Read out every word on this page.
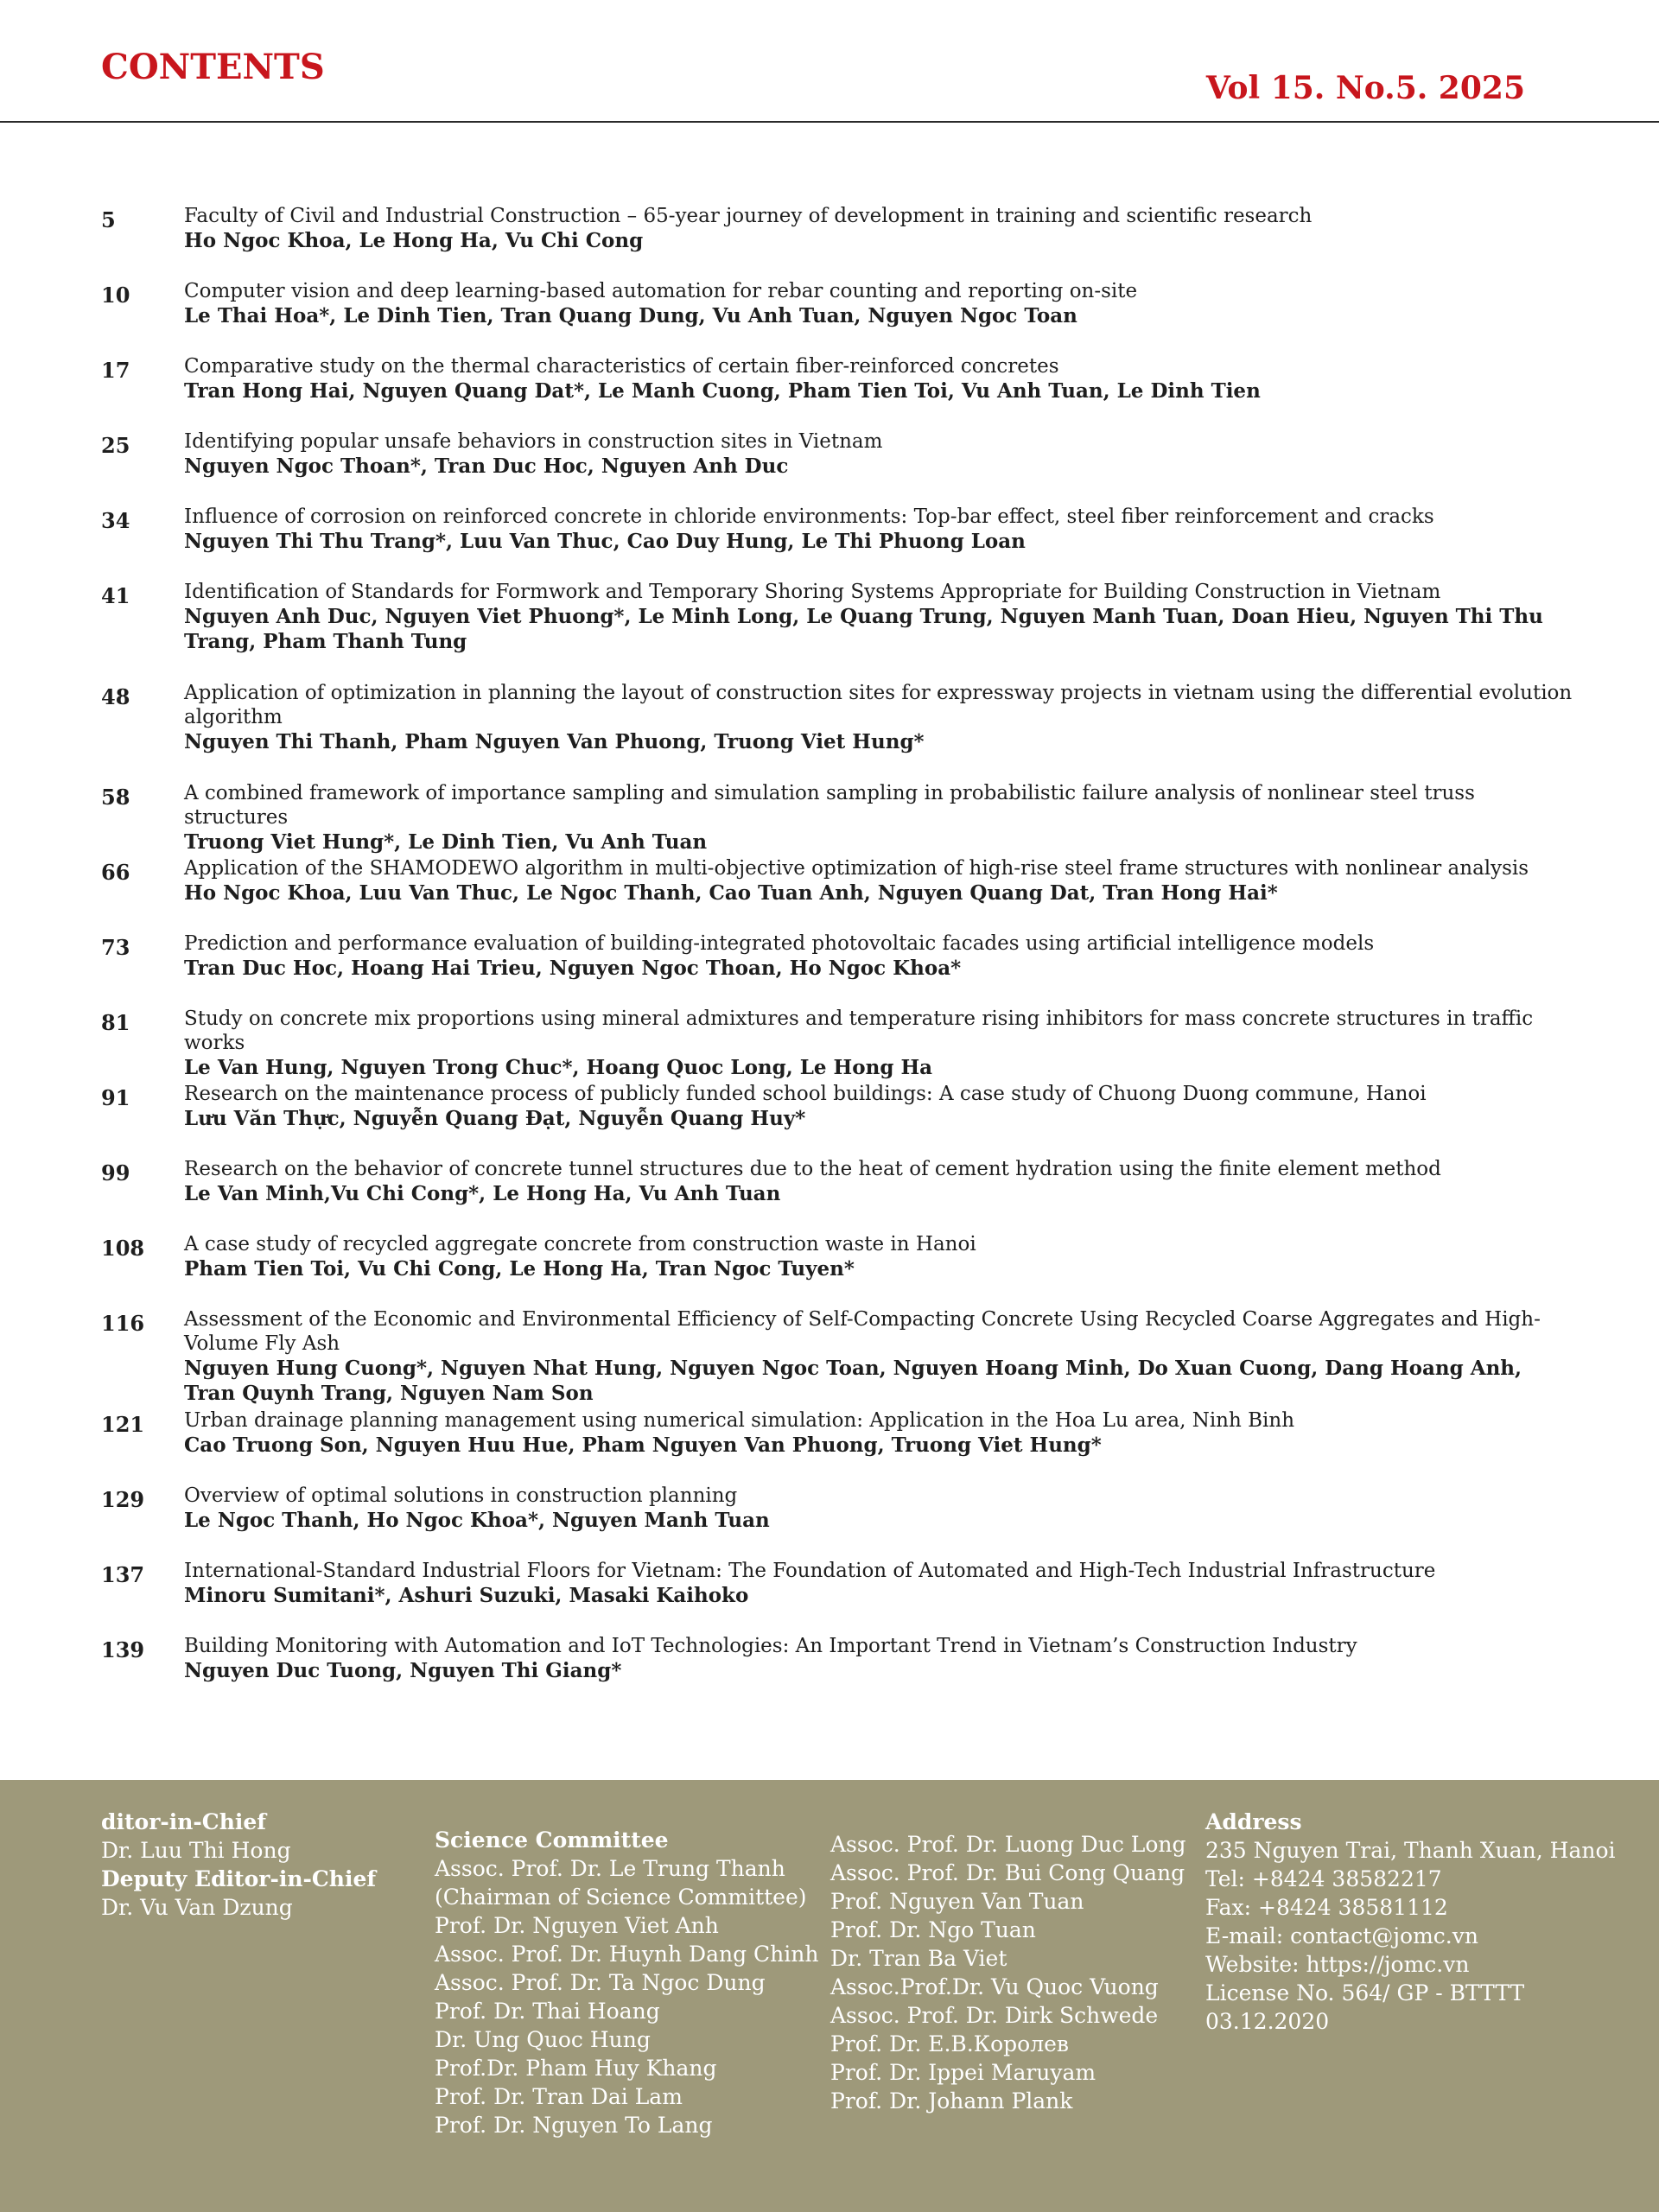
CONTENTS
Vol 15. No.5. 2025
5	Faculty of Civil and Industrial Construction – 65-year journey of development in training and scientific research
Ho Ngoc Khoa, Le Hong Ha, Vu Chi Cong
10	Computer vision and deep learning-based automation for rebar counting and reporting on-site
Le Thai Hoa*, Le Dinh Tien, Tran Quang Dung, Vu Anh Tuan, Nguyen Ngoc Toan
17	Comparative study on the thermal characteristics of certain fiber-reinforced concretes
Tran Hong Hai, Nguyen Quang Dat*, Le Manh Cuong, Pham Tien Toi, Vu Anh Tuan, Le Dinh Tien
25	Identifying popular unsafe behaviors in construction sites in Vietnam
Nguyen Ngoc Thoan*, Tran Duc Hoc, Nguyen Anh Duc
34	Influence of corrosion on reinforced concrete in chloride environments: Top-bar effect, steel fiber reinforcement and cracks
Nguyen Thi Thu Trang*, Luu Van Thuc, Cao Duy Hung, Le Thi Phuong Loan
41	Identification of Standards for Formwork and Temporary Shoring Systems Appropriate for Building Construction in Vietnam
Nguyen Anh Duc, Nguyen Viet Phuong*, Le Minh Long, Le Quang Trung, Nguyen Manh Tuan, Doan Hieu, Nguyen Thi Thu Trang, Pham Thanh Tung
48	Application of optimization in planning the layout of construction sites for expressway projects in vietnam using the differential evolution algorithm
Nguyen Thi Thanh, Pham Nguyen Van Phuong, Truong Viet Hung*
58	A combined framework of importance sampling and simulation sampling in probabilistic failure analysis of nonlinear steel truss structures
Truong Viet Hung*, Le Dinh Tien, Vu Anh Tuan
66	Application of the SHAMODEWO algorithm in multi-objective optimization of high-rise steel frame structures with nonlinear analysis
Ho Ngoc Khoa, Luu Van Thuc, Le Ngoc Thanh, Cao Tuan Anh, Nguyen Quang Dat, Tran Hong Hai*
73	Prediction and performance evaluation of building-integrated photovoltaic facades using artificial intelligence models
Tran Duc Hoc, Hoang Hai Trieu, Nguyen Ngoc Thoan, Ho Ngoc Khoa*
81	Study on concrete mix proportions using mineral admixtures and temperature rising inhibitors for mass concrete structures in traffic works
Le Van Hung, Nguyen Trong Chuc*, Hoang Quoc Long, Le Hong Ha
91	Research on the maintenance process of publicly funded school buildings: A case study of Chuong Duong commune, Hanoi
Lưu Văn Thực, Nguyễn Quang Đạt, Nguyễn Quang Huy*
99	Research on the behavior of concrete tunnel structures due to the heat of cement hydration using the finite element method
Le Van Minh,Vu Chi Cong*, Le Hong Ha, Vu Anh Tuan
108	A case study of recycled aggregate concrete from construction waste in Hanoi
Pham Tien Toi, Vu Chi Cong, Le Hong Ha, Tran Ngoc Tuyen*
116	Assessment of the Economic and Environmental Efficiency of Self-Compacting Concrete Using Recycled Coarse Aggregates and High-Volume Fly Ash
Nguyen Hung Cuong*, Nguyen Nhat Hung, Nguyen Ngoc Toan, Nguyen Hoang Minh, Do Xuan Cuong, Dang Hoang Anh, Tran Quynh Trang, Nguyen Nam Son
121	Urban drainage planning management using numerical simulation: Application in the Hoa Lu area, Ninh Binh
Cao Truong Son, Nguyen Huu Hue, Pham Nguyen Van Phuong, Truong Viet Hung*
129	Overview of optimal solutions in construction planning
Le Ngoc Thanh, Ho Ngoc Khoa*, Nguyen Manh Tuan
137	International-Standard Industrial Floors for Vietnam: The Foundation of Automated and High-Tech Industrial Infrastructure
Minoru Sumitani*, Ashuri Suzuki, Masaki Kaihoko
139	Building Monitoring with Automation and IoT Technologies: An Important Trend in Vietnam’s Construction Industry
Nguyen Duc Tuong, Nguyen Thi Giang*
ditor-in-Chief
Dr. Luu Thi Hong
Deputy Editor-in-Chief
Dr. Vu Van Dzung
Science Committee
Assoc. Prof. Dr. Le Trung Thanh
(Chairman of Science Committee)
Prof. Dr. Nguyen Viet Anh
Assoc. Prof. Dr. Huynh Dang Chinh
Assoc. Prof. Dr. Ta Ngoc Dung
Prof. Dr. Thai Hoang
Dr. Ung Quoc Hung
Prof.Dr. Pham Huy Khang
Prof. Dr. Tran Dai Lam
Prof. Dr. Nguyen To Lang
Assoc. Prof. Dr. Luong Duc Long
Assoc. Prof. Dr. Bui Cong Quang
Prof. Nguyen Van Tuan
Prof. Dr. Ngo Tuan
Dr. Tran Ba Viet
Assoc.Prof.Dr. Vu Quoc Vuong
Assoc. Prof. Dr. Dirk Schwede
Prof. Dr. E.B.Королев
Prof. Dr. Ippei Maruyam
Prof. Dr. Johann Plank
Address
235 Nguyen Trai, Thanh Xuan, Hanoi
Tel: +8424 38582217
Fax: +8424 38581112
E-mail: contact@jomc.vn
Website: https://jomc.vn
License No. 564/ GP - BTTTT
03.12.2020
